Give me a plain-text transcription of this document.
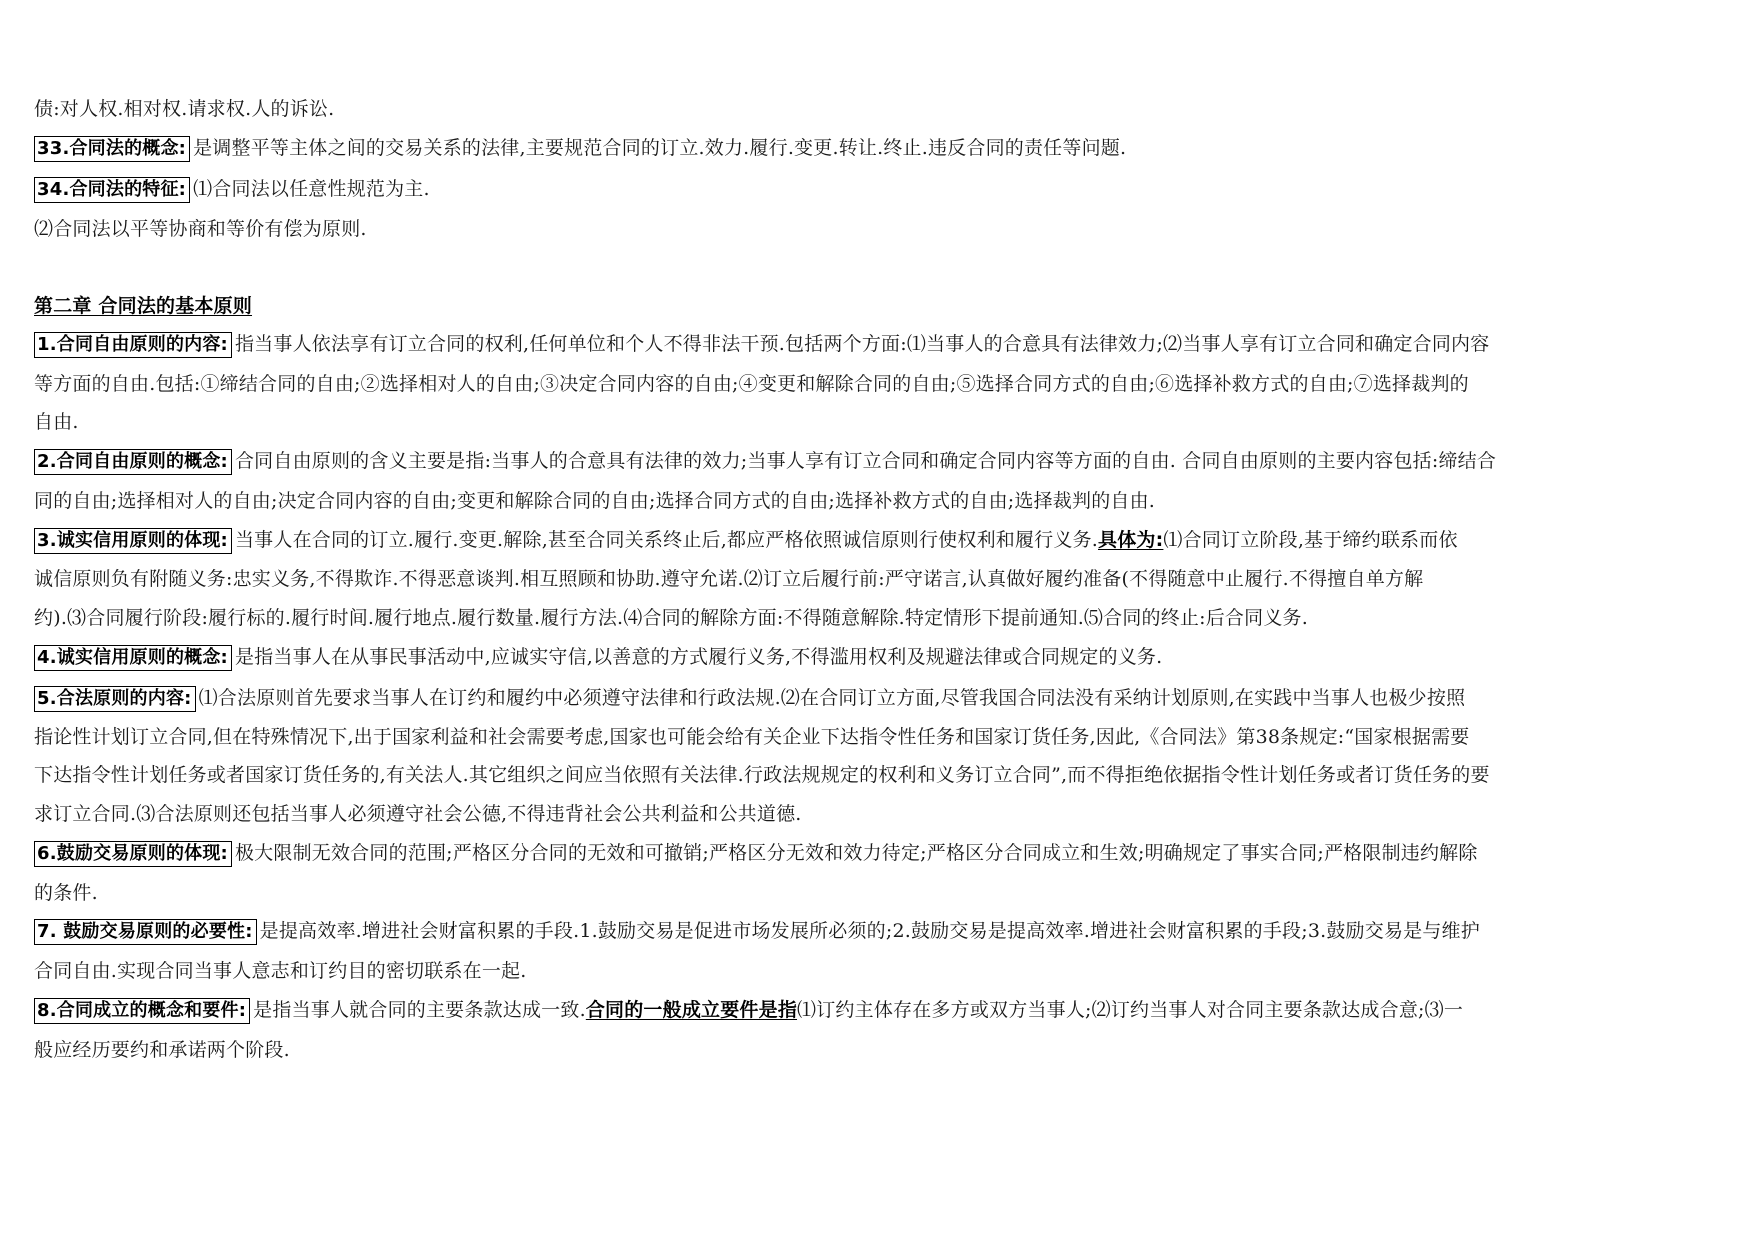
债:对人权.相对权.请求权.人的诉讼.
33.合同法的概念: 是调整平等主体之间的交易关系的法律,主要规范合同的订立.效力.履行.变更.转让.终止.违反合同的责任等问题.
34.合同法的特征: ⑴合同法以任意性规范为主.
⑵合同法以平等协商和等价有偿为原则.
第二章 合同法的基本原则
1.合同自由原则的内容: 指当事人依法享有订立合同的权利,任何单位和个人不得非法干预.包括两个方面:⑴当事人的合意具有法律效力;⑵当事人享有订立合同和确定合同内容
等方面的自由.包括:①缔结合同的自由;②选择相对人的自由;③决定合同内容的自由;④变更和解除合同的自由;⑤选择合同方式的自由;⑥选择补救方式的自由;⑦选择裁判的
自由.
2.合同自由原则的概念: 合同自由原则的含义主要是指:当事人的合意具有法律的效力;当事人享有订立合同和确定合同内容等方面的自由. 合同自由原则的主要内容包括:缔结合
同的自由;选择相对人的自由;决定合同内容的自由;变更和解除合同的自由;选择合同方式的自由;选择补救方式的自由;选择裁判的自由.
3.诚实信用原则的体现: 当事人在合同的订立.履行.变更.解除,甚至合同关系终止后,都应严格依照诚信原则行使权利和履行义务.具体为:⑴合同订立阶段,基于缔约联系而依
诚信原则负有附随义务:忠实义务,不得欺诈.不得恶意谈判.相互照顾和协助.遵守允诺.⑵订立后履行前:严守诺言,认真做好履约准备(不得随意中止履行.不得擅自单方解
约).⑶合同履行阶段:履行标的.履行时间.履行地点.履行数量.履行方法.⑷合同的解除方面:不得随意解除.特定情形下提前通知.⑸合同的终止:后合同义务.
4.诚实信用原则的概念: 是指当事人在从事民事活动中,应诚实守信,以善意的方式履行义务,不得滥用权利及规避法律或合同规定的义务.
5.合法原则的内容: ⑴合法原则首先要求当事人在订约和履约中必须遵守法律和行政法规.⑵在合同订立方面,尽管我国合同法没有采纳计划原则,在实践中当事人也极少按照
指论性计划订立合同,但在特殊情况下,出于国家利益和社会需要考虑,国家也可能会给有关企业下达指令性任务和国家订货任务,因此,《合同法》第38条规定:“国家根据需要
下达指令性计划任务或者国家订货任务的,有关法人.其它组织之间应当依照有关法律.行政法规规定的权利和义务订立合同”,而不得拒绝依据指令性计划任务或者订货任务的要
求订立合同.⑶合法原则还包括当事人必须遵守社会公德,不得违背社会公共利益和公共道德.
6.鼓励交易原则的体现: 极大限制无效合同的范围;严格区分合同的无效和可撤销;严格区分无效和效力待定;严格区分合同成立和生效;明确规定了事实合同;严格限制违约解除
的条件.
7. 鼓励交易原则的必要性: 是提高效率.增进社会财富积累的手段.1.鼓励交易是促进市场发展所必须的;2.鼓励交易是提高效率.增进社会财富积累的手段;3.鼓励交易是与维护
合同自由.实现合同当事人意志和订约目的密切联系在一起.
8.合同成立的概念和要件: 是指当事人就合同的主要条款达成一致.合同的一般成立要件是指⑴订约主体存在多方或双方当事人;⑵订约当事人对合同主要条款达成合意;⑶一
般应经历要约和承诺两个阶段.
